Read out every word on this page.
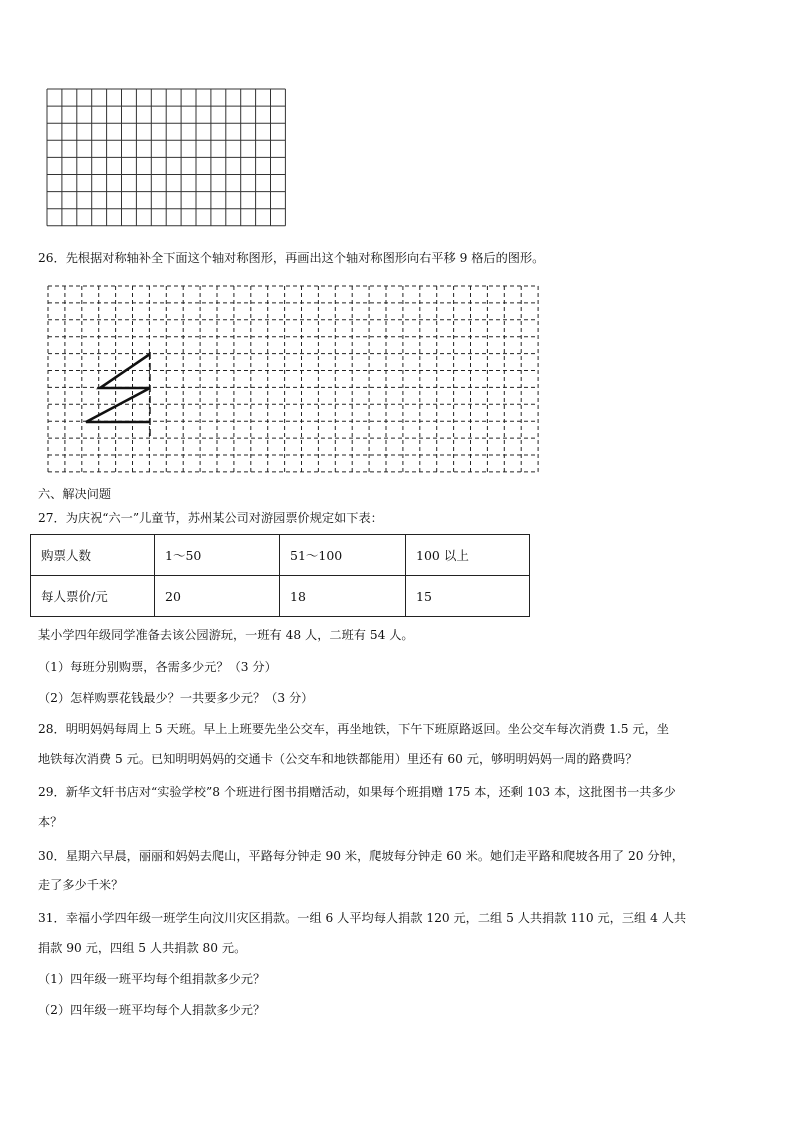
26．先根据对称轴补全下面这个轴对称图形，再画出这个轴对称图形向右平移 9 格后的图形。
六、解决问题
27．为庆祝“六一”儿童节，苏州某公司对游园票价规定如下表：
购票人数	1～50	51～100	100 以上
每人票价/元	20	18	15
某小学四年级同学准备去该公园游玩，一班有 48 人，二班有 54 人。
（1）每班分别购票，各需多少元？（3 分）
（2）怎样购票花钱最少？一共要多少元？（3 分）
28．明明妈妈每周上 5 天班。早上上班要先坐公交车，再坐地铁，下午下班原路返回。坐公交车每次消费 1.5 元，坐
地铁每次消费 5 元。已知明明妈妈的交通卡（公交车和地铁都能用）里还有 60 元，够明明妈妈一周的路费吗？
29．新华文轩书店对“实验学校”8 个班进行图书捐赠活动，如果每个班捐赠 175 本，还剩 103 本，这批图书一共多少
本？
30．星期六早晨，丽丽和妈妈去爬山，平路每分钟走 90 米，爬坡每分钟走 60 米。她们走平路和爬坡各用了 20 分钟，
走了多少千米？
31．幸福小学四年级一班学生向汶川灾区捐款。一组 6 人平均每人捐款 120 元，二组 5 人共捐款 110 元，三组 4 人共
捐款 90 元，四组 5 人共捐款 80 元。
（1）四年级一班平均每个组捐款多少元？
（2）四年级一班平均每个人捐款多少元？
